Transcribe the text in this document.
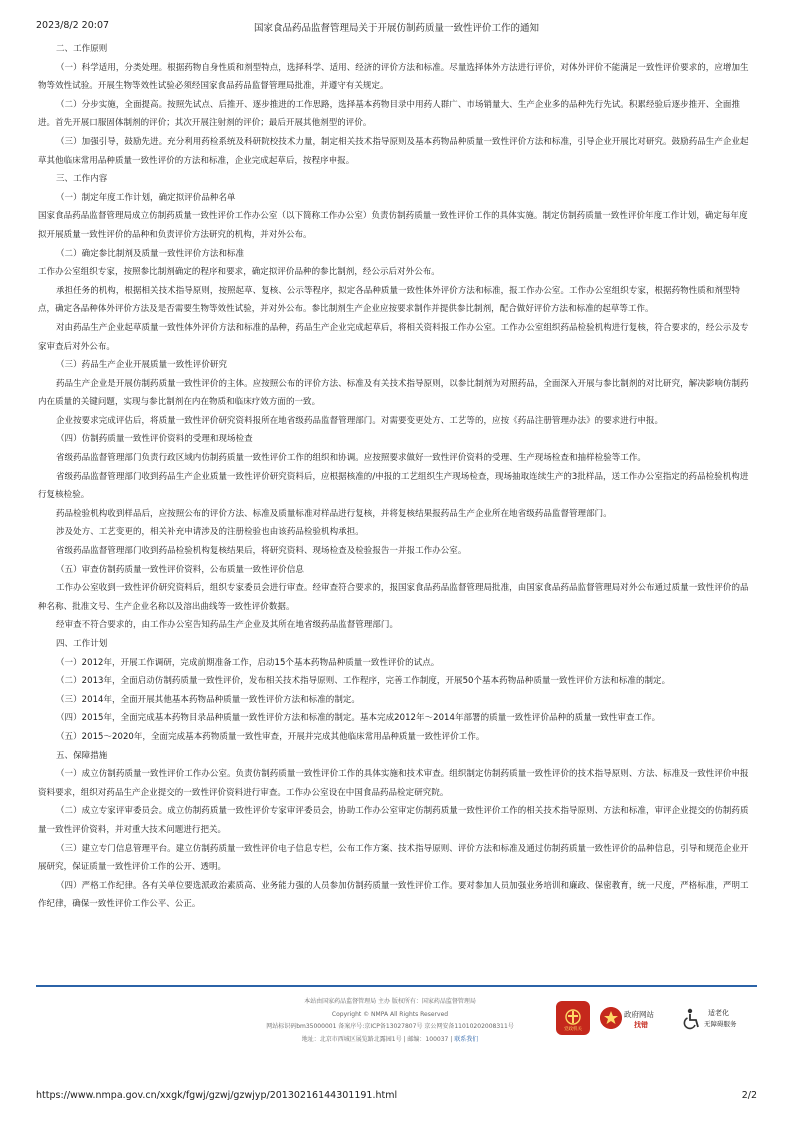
2023/8/2 20:07	国家食品药品监督管理局关于开展仿制药质量一致性评价工作的通知

二、工作原则

（一）科学适用，分类处理。根据药物自身性质和剂型特点，选择科学、适用、经济的评价方法和标准。尽量选择体外方法进行评价，对体外评价不能满足一致性评价要求的，应增加生物等效性试验。开展生物等效性试验必须经国家食品药品监督管理局批准，并遵守有关规定。

（二）分步实施，全面提高。按照先试点、后推开、逐步推进的工作思路，选择基本药物目录中用药人群广、市场销量大、生产企业多的品种先行先试。积累经验后逐步推开、全面推进。首先开展口服固体制剂的评价；其次开展注射剂的评价；最后开展其他剂型的评价。

（三）加强引导，鼓励先进。充分利用药检系统及科研院校技术力量，制定相关技术指导原则及基本药物品种质量一致性评价方法和标准，引导企业开展比对研究。鼓励药品生产企业起草其他临床常用品种质量一致性评价的方法和标准，企业完成起草后，按程序申报。

三、工作内容

（一）制定年度工作计划，确定拟评价品种名单

国家食品药品监督管理局成立仿制药质量一致性评价工作办公室（以下简称工作办公室）负责仿制药质量一致性评价工作的具体实施。制定仿制药质量一致性评价年度工作计划，确定每年度拟开展质量一致性评价的品种和负责评价方法研究的机构，并对外公布。

（二）确定参比制剂及质量一致性评价方法和标准

工作办公室组织专家，按照参比制剂确定的程序和要求，确定拟评价品种的参比制剂，经公示后对外公布。

承担任务的机构，根据相关技术指导原则，按照起草、复核、公示等程序，拟定各品种质量一致性体外评价方法和标准，报工作办公室。工作办公室组织专家，根据药物性质和剂型特点，确定各品种体外评价方法及是否需要生物等效性试验，并对外公布。参比制剂生产企业应按要求制作并提供参比制剂，配合做好评价方法和标准的起草等工作。

对由药品生产企业起草质量一致性体外评价方法和标准的品种，药品生产企业完成起草后，将相关资料报工作办公室。工作办公室组织药品检验机构进行复核，符合要求的，经公示及专家审查后对外公布。

（三）药品生产企业开展质量一致性评价研究

药品生产企业是开展仿制药质量一致性评价的主体。应按照公布的评价方法、标准及有关技术指导原则，以参比制剂为对照药品，全面深入开展与参比制剂的对比研究，解决影响仿制药内在质量的关键问题，实现与参比制剂在内在物质和临床疗效方面的一致。

企业按要求完成评估后，将质量一致性评价研究资料报所在地省级药品监督管理部门。对需要变更处方、工艺等的，应按《药品注册管理办法》的要求进行申报。

（四）仿制药质量一致性评价资料的受理和现场检查

省级药品监督管理部门负责行政区域内仿制药质量一致性评价工作的组织和协调。应按照要求做好一致性评价资料的受理、生产现场检查和抽样检验等工作。

省级药品监督管理部门收到药品生产企业质量一致性评价研究资料后，应根据核准的/申报的工艺组织生产现场检查，现场抽取连续生产的3批样品，送工作办公室指定的药品检验机构进行复核检验。

药品检验机构收到样品后，应按照公布的评价方法、标准及质量标准对样品进行复核，并将复核结果报药品生产企业所在地省级药品监督管理部门。

涉及处方、工艺变更的，相关补充申请涉及的注册检验也由该药品检验机构承担。

省级药品监督管理部门收到药品检验机构复核结果后，将研究资料、现场检查及检验报告一并报工作办公室。

（五）审查仿制药质量一致性评价资料，公布质量一致性评价信息

工作办公室收到一致性评价研究资料后，组织专家委员会进行审查。经审查符合要求的，报国家食品药品监督管理局批准，由国家食品药品监督管理局对外公布通过质量一致性评价的品种名称、批准文号、生产企业名称以及溶出曲线等一致性评价数据。

经审查不符合要求的，由工作办公室告知药品生产企业及其所在地省级药品监督管理部门。

四、工作计划

（一）2012年，开展工作调研，完成前期准备工作，启动15个基本药物品种质量一致性评价的试点。

（二）2013年，全面启动仿制药质量一致性评价，发布相关技术指导原则、工作程序，完善工作制度，开展50个基本药物品种质量一致性评价方法和标准的制定。

（三）2014年，全面开展其他基本药物品种质量一致性评价方法和标准的制定。

（四）2015年，全面完成基本药物目录品种质量一致性评价方法和标准的制定。基本完成2012年～2014年部署的质量一致性评价品种的质量一致性审查工作。

（五）2015～2020年，全面完成基本药物质量一致性审查，开展并完成其他临床常用品种质量一致性评价工作。

五、保障措施

（一）成立仿制药质量一致性评价工作办公室。负责仿制药质量一致性评价工作的具体实施和技术审查。组织制定仿制药质量一致性评价的技术指导原则、方法、标准及一致性评价申报资料要求，组织对药品生产企业提交的一致性评价资料进行审查。工作办公室设在中国食品药品检定研究院。

（二）成立专家评审委员会。成立仿制药质量一致性评价专家审评委员会，协助工作办公室审定仿制药质量一致性评价工作的相关技术指导原则、方法和标准，审评企业提交的仿制药质量一致性评价资料，并对重大技术问题进行把关。

（三）建立专门信息管理平台。建立仿制药质量一致性评价电子信息专栏，公布工作方案、技术指导原则、评价方法和标准及通过仿制药质量一致性评价的品种信息，引导和规范企业开展研究，保证质量一致性评价工作的公开、透明。

（四）严格工作纪律。各有关单位要选派政治素质高、业务能力强的人员参加仿制药质量一致性评价工作。要对参加人员加强业务培训和廉政、保密教育，统一尺度，严格标准，严明工作纪律，确保一致性评价工作公平、公正。

本站由国家药品监督管理局 主办 版权所有：国家药品监督管理局
Copyright © NMPA All Rights Reserved
网站标识码bm35000001 备案序号:京ICP备13027807号 京公网安备11010202008311号
地址：北京市西城区展览路北露园1号 | 邮编：100037 | 联系我们
党政机关
政府网站
找错
适老化
无障碍服务
https://www.nmpa.gov.cn/xxgk/fgwj/gzwj/gzwjyp/20130216144301191.html	2/2
